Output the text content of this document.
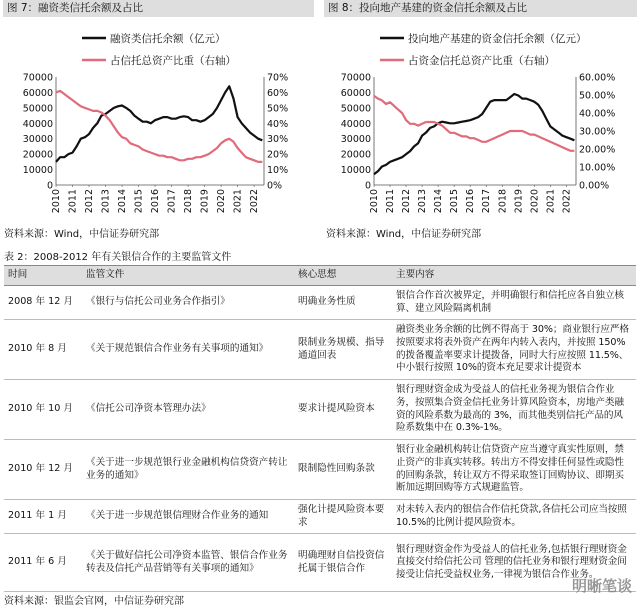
图 7：融资类信托余额及占比
0
10000
20000
30000
40000
50000
60000
70000
0%
10%
20%
30%
40%
50%
60%
70%
2010 2011 2012 2013 2014 2015 2016 2017 2018 2019 2020 2021 2022
融资类信托余额（亿元）
占信托总资产比重（右轴）
资料来源：Wind，中信证券研究部
图 8：投向地产基建的资金信托余额及占比
0
10000
20000
30000
40000
50000
60000
70000
0.00%
10.00%
20.00%
30.00%
40.00%
50.00%
60.00%
2010 2011 2012 2013 2014 2015 2016 2017 2018 2019 2020 2021 2022
投向地产基建的资金信托余额（亿元）
占资金信托总资产比重（右轴）
资料来源：Wind，中信证券研究部
表 2：2008-2012 年有关银信合作的主要监管文件
时间	监管文件	核心思想	主要内容
2008 年 12 月	《银行与信托公司业务合作指引》	明确业务性质	银信合作首次被界定，并明确银行和信托应各自独立核算、建立风险隔离机制
2010 年 8 月	《关于规范银信合作业务有关事项的通知》	限制业务规模、指导通道回表	融资类业务余额的比例不得高于 30%；商业银行应严格按照要求将表外资产在两年内转入表内，并按照 150%的拨备覆盖率要求计提拨备，同时大行应按照 11.5%、中小银行按照 10%的资本充足要求计提资本
2010 年 10 月	《信托公司净资本管理办法》	要求计提风险资本	银行理财资金成为受益人的信托业务视为银信合作业务，按照集合资金信托业务计算风险资本，房地产类融资的风险系数为最高的 3%，而其他类别信托产品的风险系数集中在 0.3%-1%。
2010 年 12 月	《关于进一步规范银行业金融机构信贷资产转让业务的通知》	限制隐性回购条款	银行业金融机构转让信贷资产应当遵守真实性原则，禁止资产的非真实转移。转出方不得安排任何显性或隐性的回购条款，转让双方不得采取签订回购协议、即期买断加远期回购等方式规避监管。
2011 年 1 月	《关于进一步规范银信理财合作业务的通知	强化计提风险资本要求	对未转入表内的银信合作信托贷款,各信托公司应当按照 10.5%的比例计提风险资本。
2011 年 6 月	《关于做好信托公司净资本监管、银信合作业务转表及信托产品营销等有关事项的通知》	明确理财自信投资信托属于银信合作	银行理财资金作为受益人的信托业务,包括银行理财资金直接交付给信托公司 管理的信托业务和银行理财资金间接受让信托受益权业务,一律视为银信合作业务。
资料来源：银监会官网，中信证券研究部
明晰笔谈
